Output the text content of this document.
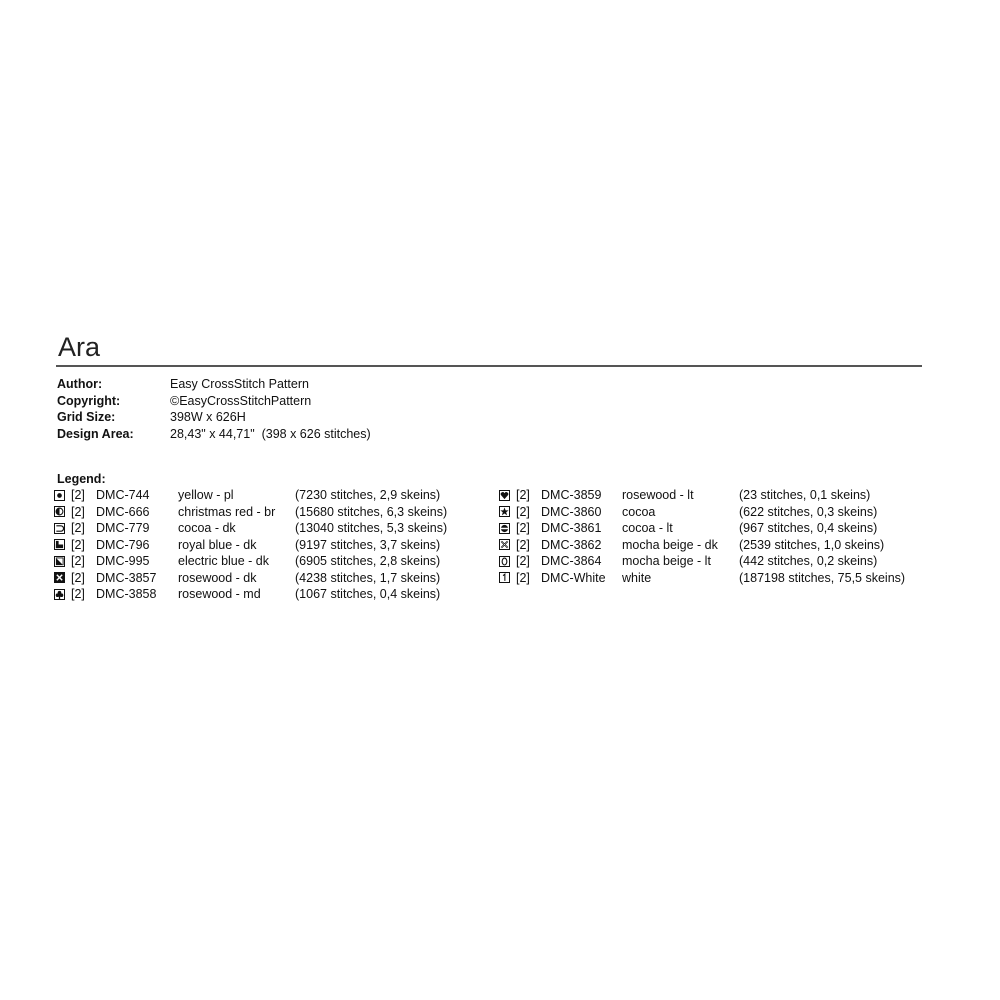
Ara
Author:	Easy CrossStitch Pattern
Copyright:	©EasyCrossStitchPattern
Grid Size:	398W x 626H
Design Area:	28,43" x 44,71"  (398 x 626 stitches)
Legend:
[2] DMC-744	yellow - pl	(7230 stitches, 2,9 skeins)
[2] DMC-666	christmas red - br	(15680 stitches, 6,3 skeins)
[2] DMC-779	cocoa - dk	(13040 stitches, 5,3 skeins)
[2] DMC-796	royal blue - dk	(9197 stitches, 3,7 skeins)
[2] DMC-995	electric blue - dk	(6905 stitches, 2,8 skeins)
[2] DMC-3857	rosewood - dk	(4238 stitches, 1,7 skeins)
[2] DMC-3858	rosewood - md	(1067 stitches, 0,4 skeins)
[2] DMC-3859	rosewood - lt	(23 stitches, 0,1 skeins)
[2] DMC-3860	cocoa	(622 stitches, 0,3 skeins)
[2] DMC-3861	cocoa - lt	(967 stitches, 0,4 skeins)
[2] DMC-3862	mocha beige - dk	(2539 stitches, 1,0 skeins)
[2] DMC-3864	mocha beige - lt	(442 stitches, 0,2 skeins)
[2] DMC-White	white	(187198 stitches, 75,5 skeins)
